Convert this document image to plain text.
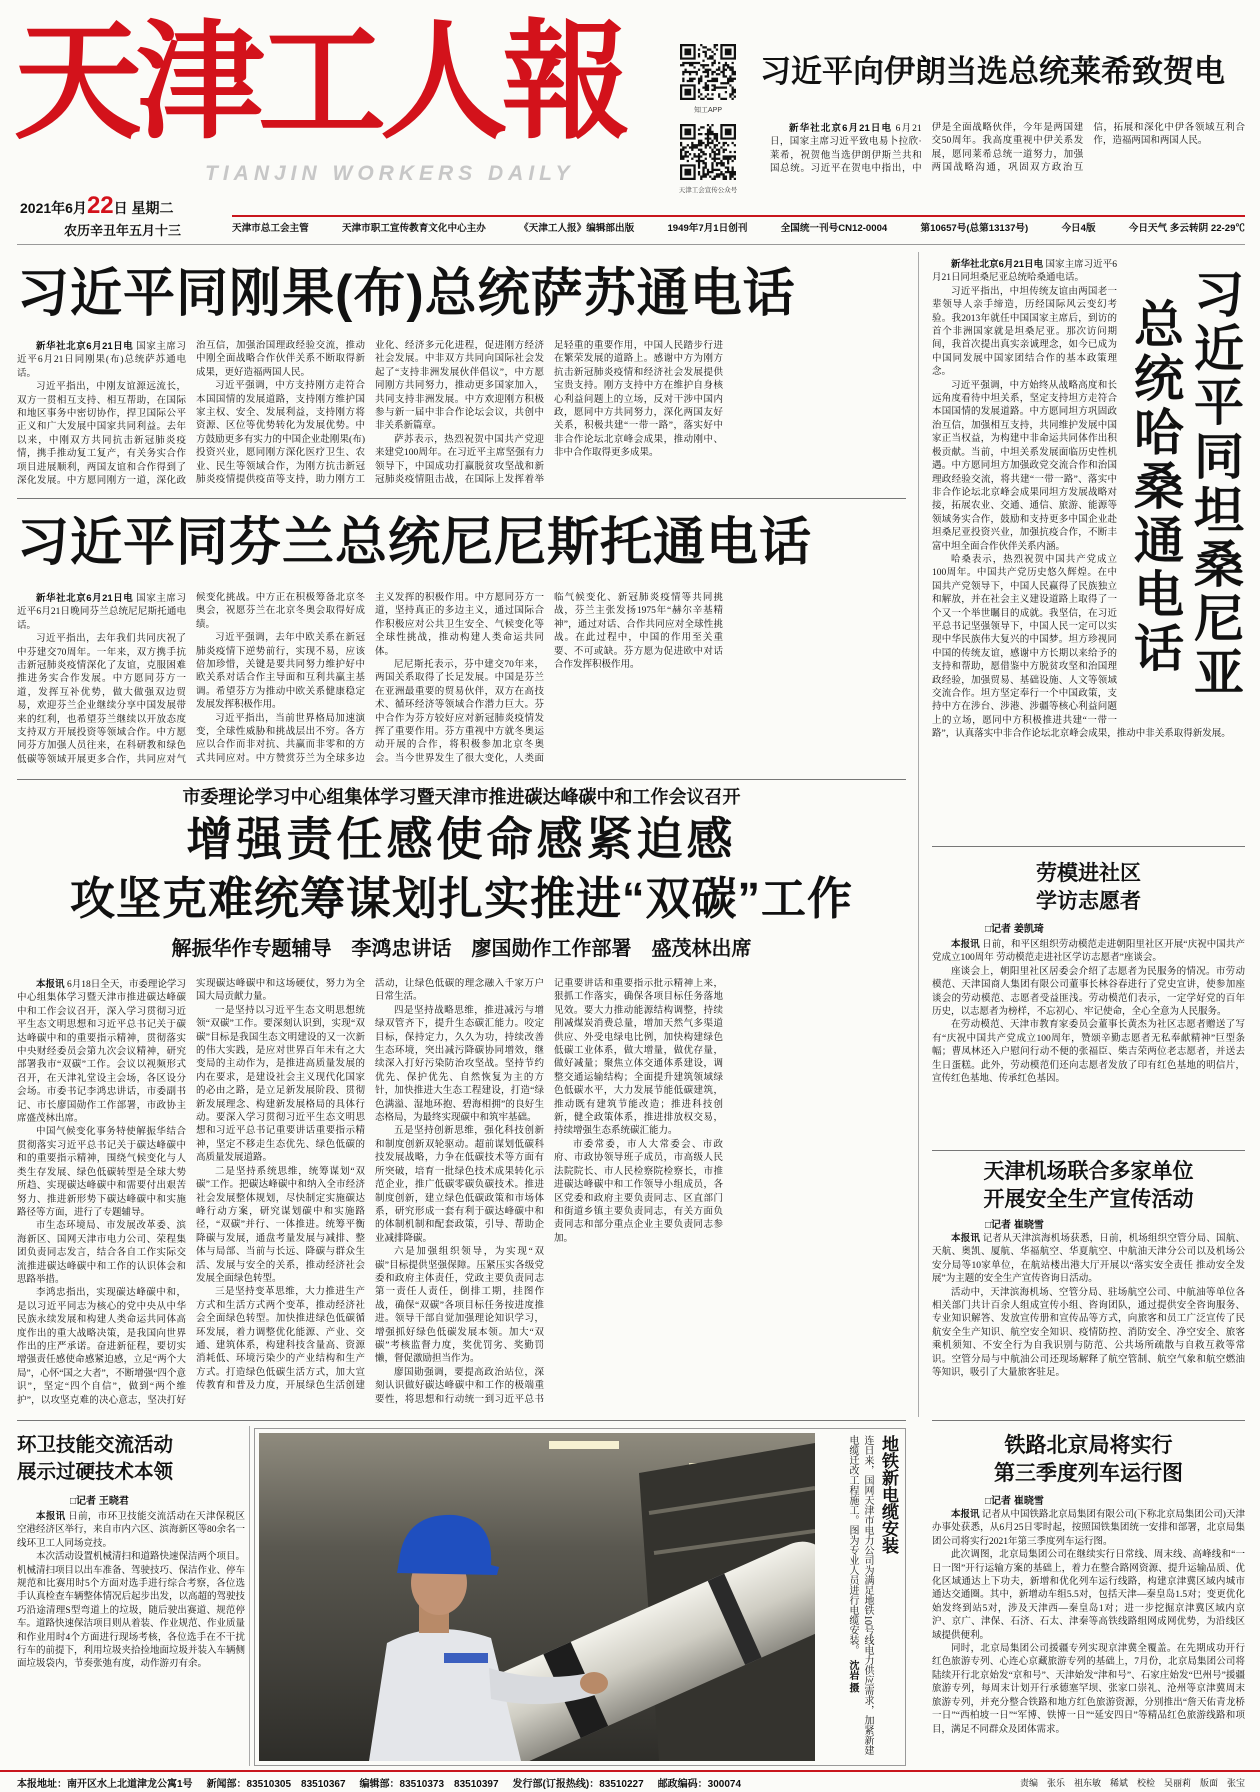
天津工人報
TIANJIN WORKERS DAILY
2021年6月22日 星期二
农历辛丑年五月十三
知工APP
天津工会宣传公众号
习近平向伊朗当选总统莱希致贺电

新华社北京6月21日电 6月21日，国家主席习近平致电易卜拉欣·莱希，祝贺他当选伊朗伊斯兰共和国总统。习近平在贺电中指出，中伊是全面战略伙伴，今年是两国建交50周年。我高度重视中伊关系发展，愿同莱希总统一道努力，加强两国战略沟通，巩固双方政治互信，拓展和深化中伊各领域互利合作，造福两国和两国人民。

天津市总工会主管	天津市职工宣传教育文化中心主办	《天津工人报》编辑部出版	1949年7月1日创刊	全国统一刊号CN12-0004	第10657号(总第13137号)	今日4版	今日天气 多云转阴 22-29℃
习近平同刚果(布)总统萨苏通电话

新华社北京6月21日电 国家主席习近平6月21日同刚果(布)总统萨苏通电话。

习近平指出，中刚友谊源远流长，双方一贯相互支持、相互帮助，在国际和地区事务中密切协作，捍卫国际公平正义和广大发展中国家共同利益。去年以来，中刚双方共同抗击新冠肺炎疫情，携手推动复工复产，有关务实合作项目进展顺利，两国友谊和合作得到了深化发展。中方愿同刚方一道，深化政治互信，加强治国理政经验交流，推动中刚全面战略合作伙伴关系不断取得新成果，更好造福两国人民。

习近平强调，中方支持刚方走符合本国国情的发展道路，支持刚方维护国家主权、安全、发展利益，支持刚方将资源、区位等优势转化为发展优势。中方鼓励更多有实力的中国企业赴刚果(布)投资兴业，愿同刚方深化医疗卫生、农业、民生等领域合作，为刚方抗击新冠肺炎疫情提供疫苗等支持，助力刚方工业化、经济多元化进程，促进刚方经济社会发展。中非双方共同向国际社会发起了“支持非洲发展伙伴倡议”，中方愿同刚方共同努力，推动更多国家加入，共同支持非洲发展。中方欢迎刚方积极参与新一届中非合作论坛会议，共创中非关系新篇章。

萨苏表示，热烈祝贺中国共产党迎来建党100周年。在习近平主席坚强有力领导下，中国成功打赢脱贫攻坚战和新冠肺炎疫情阻击战，在国际上发挥着举足轻重的重要作用，中国人民踏步行进在繁荣发展的道路上。感谢中方为刚方抗击新冠肺炎疫情和经济社会发展提供宝贵支持。刚方支持中方在维护自身核心利益问题上的立场，反对干涉中国内政，愿同中方共同努力，深化两国友好关系，积极共建“一带一路”，落实好中非合作论坛北京峰会成果，推动刚中、非中合作取得更多成果。

习近平同芬兰总统尼尼斯托通电话

新华社北京6月21日电 国家主席习近平6月21日晚同芬兰总统尼尼斯托通电话。

习近平指出，去年我们共同庆祝了中芬建交70周年。一年来，双方携手抗击新冠肺炎疫情深化了友谊，克服困难推进务实合作发展。中方愿同芬方一道，发挥互补优势，做大做强双边贸易，欢迎芬兰企业继续分享中国发展带来的红利，也希望芬兰继续以开放态度支持双方开展投资等领域合作。中方愿同芬方加强人员往来，在科研教和绿色低碳等领域开展更多合作，共同应对气候变化挑战。中方正在积极筹备北京冬奥会，祝愿芬兰在北京冬奥会取得好成绩。

习近平强调，去年中欧关系在新冠肺炎疫情下逆势前行，实现不易，应该倍加珍惜，关键是要共同努力维护好中欧关系对话合作主导面和互利共赢主基调。希望芬方为推动中欧关系健康稳定发展发挥积极作用。

习近平指出，当前世界格局加速演变，全球性威胁和挑战层出不穷。各方应以合作而非对抗、共赢而非零和的方式共同应对。中方赞赏芬兰为全球多边主义发挥的积极作用。中方愿同芬方一道，坚持真正的多边主义，通过国际合作积极应对公共卫生安全、气候变化等全球性挑战，推动构建人类命运共同体。

尼尼斯托表示，芬中建交70年来，两国关系取得了长足发展。中国是芬兰在亚洲最重要的贸易伙伴，双方在高技术、循环经济等领域合作潜力巨大。芬中合作为芬方较好应对新冠肺炎疫情发挥了重要作用。芬方重视中方就冬奥运动开展的合作，将积极参加北京冬奥会。当今世界发生了很大变化，人类面临气候变化、新冠肺炎疫情等共同挑战，芬兰主张发扬1975年“赫尔辛基精神”，通过对话、合作共同应对全球性挑战。在此过程中，中国的作用至关重要、不可或缺。芬方愿为促进欧中对话合作发挥积极作用。	习近平同坦桑尼亚
总统哈桑通电话

新华社北京6月21日电 国家主席习近平6月21日同坦桑尼亚总统哈桑通电话。

习近平指出，中坦传统友谊由两国老一辈领导人亲手缔造，历经国际风云变幻考验。我2013年就任中国国家主席后，到访的首个非洲国家就是坦桑尼亚。那次访问期间，我首次提出真实亲诚理念，如今已成为中国同发展中国家团结合作的基本政策理念。

习近平强调，中方始终从战略高度和长远角度看待中坦关系，坚定支持坦方走符合本国国情的发展道路。中方愿同坦方巩固政治互信，加强相互支持，共同维护发展中国家正当权益，为构建中非命运共同体作出积极贡献。当前，中坦关系发展面临历史性机遇。中方愿同坦方加强政党交流合作和治国理政经验交流，将共建“一带一路”、落实中非合作论坛北京峰会成果同坦方发展战略对接，拓展农业、交通、通信、旅游、能源等领域务实合作，鼓励和支持更多中国企业赴坦桑尼亚投资兴业，加强抗疫合作，不断丰富中坦全面合作伙伴关系内涵。

哈桑表示，热烈祝贺中国共产党成立100周年。中国共产党历史悠久辉煌。在中国共产党领导下，中国人民赢得了民族独立和解放，并在社会主义建设道路上取得了一个又一个举世瞩目的成就。我坚信，在习近平总书记坚强领导下，中国人民一定可以实现中华民族伟大复兴的中国梦。坦方珍视同中国的传统友谊，感谢中方长期以来给予的支持和帮助，愿借鉴中方脱贫攻坚和治国理政经验，加强贸易、基础设施、人文等领域交流合作。坦方坚定奉行一个中国政策，支持中方在涉台、涉港、涉疆等核心利益问题上的立场，愿同中方积极推进共建“一带一路”，认真落实中非合作论坛北京峰会成果，推动中非关系取得新发展。

市委理论学习中心组集体学习暨天津市推进碳达峰碳中和工作会议召开
增强责任感使命感紧迫感
攻坚克难统筹谋划扎实推进“双碳”工作
解振华作专题辅导　李鸿忠讲话　廖国勋作工作部署　盛茂林出席

本报讯 6月18日全天，市委理论学习中心组集体学习暨天津市推进碳达峰碳中和工作会议召开，深入学习贯彻习近平生态文明思想和习近平总书记关于碳达峰碳中和的重要指示精神，贯彻落实中央财经委员会第九次会议精神，研究部署我市“双碳”工作。会议以视频形式召开，在天津礼堂设主会场，各区设分会场。市委书记李鸿忠讲话，市委副书记、市长廖国勋作工作部署，市政协主席盛茂林出席。

中国气候变化事务特使解振华结合贯彻落实习近平总书记关于碳达峰碳中和的重要指示精神，围绕气候变化与人类生存发展、绿色低碳转型是全球大势所趋、实现碳达峰碳中和需要付出艰苦努力、推进新形势下碳达峰碳中和实施路径等方面，进行了专题辅导。

市生态环境局、市发展改革委、滨海新区、国网天津市电力公司、荣程集团负责同志发言，结合各自工作实际交流推进碳达峰碳中和工作的认识体会和思路举措。

李鸿忠指出，实现碳达峰碳中和，是以习近平同志为核心的党中央从中华民族永续发展和构建人类命运共同体高度作出的重大战略决策，是我国向世界作出的庄严承诺。奋进新征程，要切实增强责任感使命感紧迫感，立足“两个大局”，心怀“国之大者”，不断增强“四个意识”，坚定“四个自信”，做到“两个维护”，以攻坚克难的决心意志，坚决打好实现碳达峰碳中和这场硬仗，努力为全国大局贡献力量。

一是坚持以习近平生态文明思想统领“双碳”工作。要深刻认识到，实现“双碳”目标是我国生态文明建设的又一次新的伟大实践，是应对世界百年未有之大变局的主动作为，是推进高质量发展的内在要求，是建设社会主义现代化国家的必由之路，是立足新发展阶段、贯彻新发展理念、构建新发展格局的具体行动。要深入学习贯彻习近平生态文明思想和习近平总书记重要讲话重要指示精神，坚定不移走生态优先、绿色低碳的高质量发展道路。

二是坚持系统思维，统筹谋划“双碳”工作。把碳达峰碳中和纳入全市经济社会发展整体规划，尽快制定实施碳达峰行动方案，研究谋划碳中和实施路径，“双碳”并行、一体推进。统筹平衡降碳与发展，通盘考量发展与减排、整体与局部、当前与长远、降碳与群众生活、发展与安全的关系，推动经济社会发展全面绿色转型。

三是坚持变革思维，大力推进生产方式和生活方式两个变革，推动经济社会全面绿色转型。加快推进绿色低碳循环发展，着力调整优化能源、产业、交通、建筑体系，构建科技含量高、资源消耗低、环境污染少的产业结构和生产方式。打造绿色低碳生活方式，加大宣传教育和普及力度，开展绿色生活创建活动，让绿色低碳的理念融入千家万户日常生活。

四是坚持战略思维，推进减污与增绿双管齐下，提升生态碳汇能力。咬定目标，保持定力，久久为功，持续改善生态环境，突出减污降碳协同增效，继续深入打好污染防治攻坚战。坚持节约优先、保护优先、自然恢复为主的方针，加快推进大生态工程建设，打造“绿色满溢、湿地环抱、碧海相拥”的良好生态格局，为最终实现碳中和筑牢基础。

五是坚持创新思维，强化科技创新和制度创新双轮驱动。超前谋划低碳科技发展战略，力争在低碳技术等方面有所突破，培育一批绿色技术成果转化示范企业，推广低碳零碳负碳技术。推进制度创新，建立绿色低碳政策和市场体系，研究形成一套有利于碳达峰碳中和的体制机制和配套政策，引导、帮助企业减排降碳。

六是加强组织领导，为实现“双碳”目标提供坚强保障。压紧压实各级党委和政府主体责任，党政主要负责同志第一责任人责任，倒排工期，挂图作战，确保“双碳”各项目标任务按进度推进。领导干部自觉加强理论知识学习，增强抓好绿色低碳发展本领。加大“双碳”考核监督力度，奖优罚劣、奖勤罚懒，督促激励担当作为。

廖国勋强调，要提高政治站位，深刻认识做好碳达峰碳中和工作的极端重要性，将思想和行动统一到习近平总书记重要讲话和重要指示批示精神上来，狠抓工作落实，确保各项目标任务落地见效。要大力推动能源结构调整，持续削减煤炭消费总量，增加天然气多渠道供应、外受电绿电比例，加快构建绿色低碳工业体系，做大增量，做优存量，做好减量；聚焦立体交通体系建设，调整交通运输结构；全面提升建筑领域绿色低碳水平，大力发展节能低碳建筑，推动既有建筑节能改造；推进科技创新，健全政策体系，推进排放权交易，持续增强生态系统碳汇能力。

市委常委，市人大常委会、市政府、市政协领导班子成员，市高级人民法院院长、市人民检察院检察长，市推进碳达峰碳中和工作领导小组成员，各区党委和政府主要负责同志、区直部门和街道乡镇主要负责同志，有关方面负责同志和部分重点企业主要负责同志参加。

劳模进社区
学访志愿者
□记者 姜凯琦

本报讯 日前，和平区组织劳动模范走进朝阳里社区开展“庆祝中国共产党成立100周年 劳动模范走进社区学访志愿者”座谈会。

座谈会上，朝阳里社区居委会介绍了志愿者为民服务的情况。市劳动模范、天津国商人集团有限公司董事长林谷春进行了党史宣讲，使参加座谈会的劳动模范、志愿者受益匪浅。劳动模范们表示，一定学好党的百年历史，以志愿者为榜样，不忘初心、牢记使命，全心全意为人民服务。

在劳动模范、天津市教育家委员会董事长黄杰为社区志愿者赠送了写有“庆祝中国共产党成立100周年，赞颂辛勤志愿者无私奉献精神”巨型条幅；曹凤林还入户慰问行动不便的张福臣、柴吉荣两位老志愿者，并送去生日蛋糕。此外，劳动模范们还向志愿者发放了印有红色基地的明信片，宣传红色基地、传承红色基因。

天津机场联合多家单位
开展安全生产宣传活动
□记者 崔晓雪

本报讯 记者从天津滨海机场获悉，日前，机场组织空管分局、国航、天航、奥凯、厦航、华福航空、华夏航空、中航油天津分公司以及机场公安分局等10家单位，在航站楼出港大厅开展以“落实安全责任 推动安全发展”为主题的安全生产宣传咨询日活动。

活动中，天津滨海机场、空管分局、驻场航空公司、中航油等单位各相关部门共计百余人组成宣传小组、咨询团队，通过提供安全咨询服务、专业知识解答、发放宣传册和宣传品等方式，向旅客和员工广泛宣传了民航安全生产知识、航空安全知识、疫情防控、消防安全、净空安全、旅客乘机须知、不安全行为自我识别与防范、公共场所疏散与自救互救等常识。空管分局与中航油公司还现场解释了航空管制、航空气象和航空燃油等知识，吸引了大量旅客驻足。

铁路北京局将实行
第三季度列车运行图
□记者 崔晓雪

本报讯 记者从中国铁路北京局集团有限公司(下称北京局集团公司)天津办事处获悉，从6月25日零时起，按照国铁集团统一安排和部署，北京局集团公司将实行2021年第三季度列车运行图。

此次调图，北京局集团公司在继续实行日常线、周末线、高峰线和“一日一图”开行运输方案的基础上，着力在整合路网资源、提升运输品质、优化区域通达上下功夫，新增和优化列车运行线路，构建京津冀区域内城市通达交通圈。其中，新增动车组5.5对，包括天津—秦皇岛1.5对；变更优化始发终到站5对，涉及天津西—秦皇岛1对；进一步挖掘京津冀区域内京沪、京广、津保、石济、石太、津秦等高铁线路组网成网优势，为沿线区域提供便利。

同时，北京局集团公司援疆专列实现京津冀全覆盖。在先期成功开行红色旅游专列、心连心京藏旅游专列的基础上，7月份，北京局集团公司将陆续开行北京始发“京和号”、天津始发“津和号”、石家庄始发“巴州号”援疆旅游专列，每周末计划开行承德塞罕坝、张家口崇礼、沧州等京津冀周末旅游专列，并充分整合铁路和地方红色旅游资源，分别推出“詹天佑青龙桥一日”“西柏坡一日”“军博、铁博一日”“延安四日”等精品红色旅游线路和项目，满足不同群众及团体需求。

环卫技能交流活动
展示过硬技术本领
□记者 王晓君

本报讯 日前，市环卫技能交流活动在天津保税区空港经济区举行，来自市内六区、滨海新区等80余名一线环卫工人同场竞技。

本次活动设置机械清扫和道路快速保洁两个项目。机械清扫项目以出车准备、驾驶技巧、保洁作业、停车规范和比赛用时5个方面对选手进行综合考察，各位选手认真检查车辆整体情况后起步出发，以高超的驾驶技巧沿途清理S型弯道上的垃圾，随后驶出赛道、规范停车。道路快速保洁项目则从着装、作业规范、作业质量和作业用时4个方面进行现场考核，各位选手在不干扰行车的前提下，利用垃圾夹拾捡地面垃圾并装入车辆侧面垃圾袋内，节奏张弛有度，动作游刃有余。

地铁新电缆安装
连日来，国网天津市电力公司为满足地铁10号线电力供应需求，加紧新建电缆迁改工程施工。图为专业人员进行电缆安装。　沈岩 摄
本报地址：南开区水上北道津龙公寓1号 新闻部：83510305　83510367 编辑部：83510373　83510397 发行部(订报热线)：83510227 邮政编码：300074	责编　张乐　祖东敏　稀斌　校检　吴丽莉　版面　张宝
